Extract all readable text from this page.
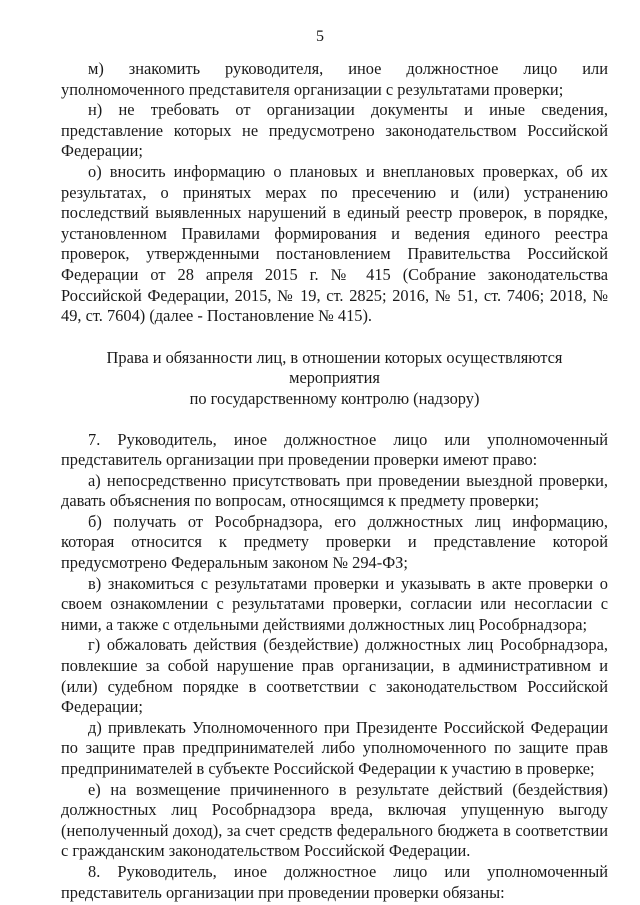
5

м) знакомить руководителя, иное должностное лицо или уполномоченного представителя организации с результатами проверки;

н) не требовать от организации документы и иные сведения, представление которых не предусмотрено законодательством Российской Федерации;

о) вносить информацию о плановых и внеплановых проверках, об их результатах, о принятых мерах по пресечению и (или) устранению последствий выявленных нарушений в единый реестр проверок, в порядке, установленном Правилами формирования и ведения единого реестра проверок, утвержденными постановлением Правительства Российской Федерации от 28 апреля 2015 г. № 415 (Собрание законодательства Российской Федерации, 2015, № 19, ст. 2825; 2016, № 51, ст. 7406; 2018, № 49, ст. 7604) (далее - Постановление № 415).

Права и обязанности лиц, в отношении которых осуществляются мероприятия
по государственному контролю (надзору)

7. Руководитель, иное должностное лицо или уполномоченный представитель организации при проведении проверки имеют право:

а) непосредственно присутствовать при проведении выездной проверки, давать объяснения по вопросам, относящимся к предмету проверки;

б) получать от Рособрнадзора, его должностных лиц информацию, которая относится к предмету проверки и представление которой предусмотрено Федеральным законом № 294-ФЗ;

в) знакомиться с результатами проверки и указывать в акте проверки о своем ознакомлении с результатами проверки, согласии или несогласии с ними, а также с отдельными действиями должностных лиц Рособрнадзора;

г) обжаловать действия (бездействие) должностных лиц Рособрнадзора, повлекшие за собой нарушение прав организации, в административном и (или) судебном порядке в соответствии с законодательством Российской Федерации;

д) привлекать Уполномоченного при Президенте Российской Федерации по защите прав предпринимателей либо уполномоченного по защите прав предпринимателей в субъекте Российской Федерации к участию в проверке;

е) на возмещение причиненного в результате действий (бездействия) должностных лиц Рособрнадзора вреда, включая упущенную выгоду (неполученный доход), за счет средств федерального бюджета в соответствии с гражданским законодательством Российской Федерации.

8. Руководитель, иное должностное лицо или уполномоченный представитель организации при проведении проверки обязаны:
